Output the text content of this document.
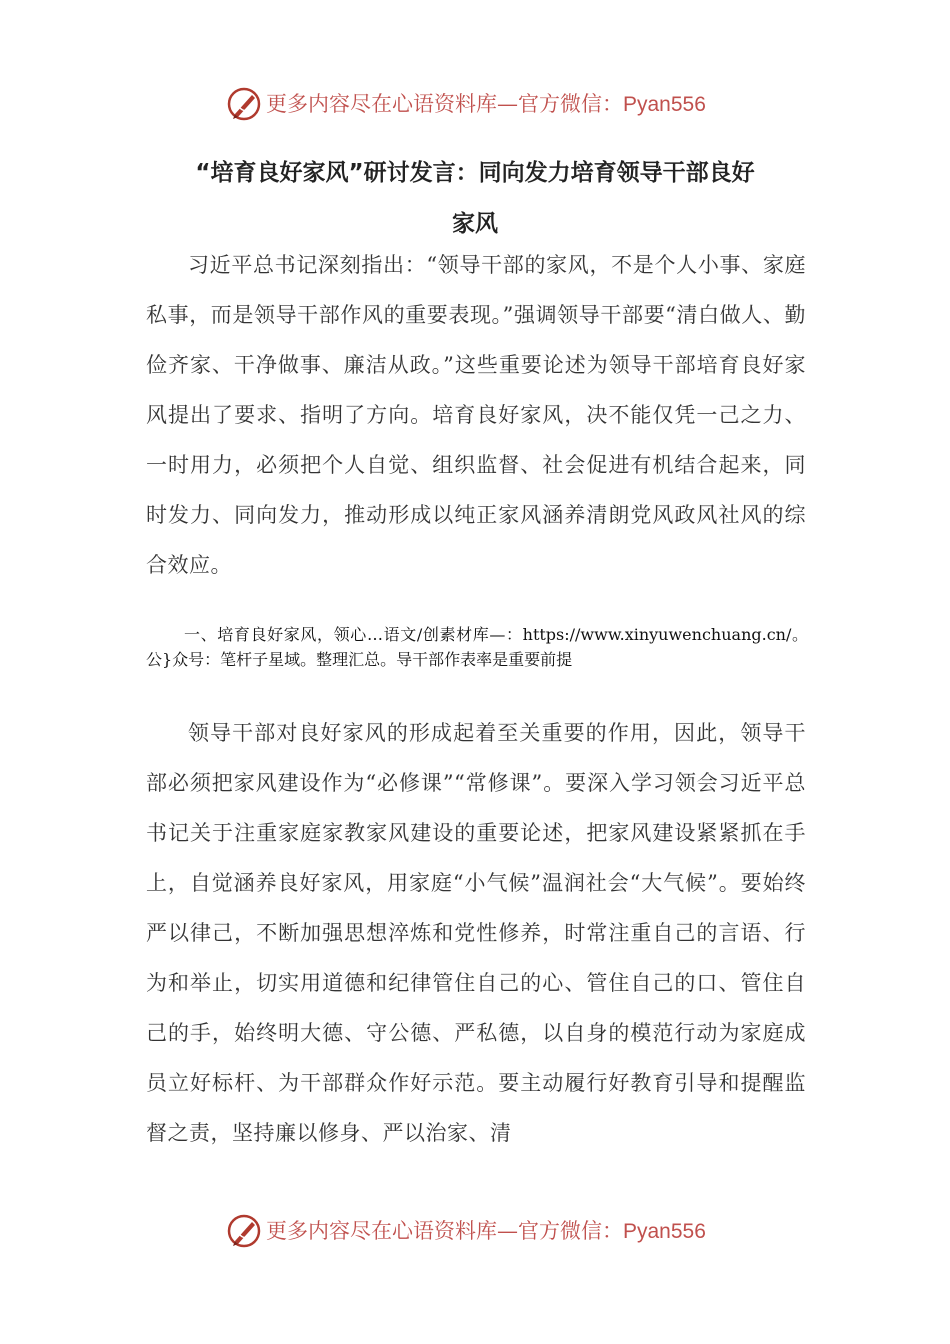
更多内容尽在心语资料库—官方微信：Pyan556
“培育良好家风”研讨发言：同向发力培育领导干部良好
家风

习近平总书记深刻指出：“领导干部的家风，不是个人小事、家庭私事，而是领导干部作风的重要表现。”强调领导干部要“清白做人、勤俭齐家、干净做事、廉洁从政。”这些重要论述为领导干部培育良好家风提出了要求、指明了方向。培育良好家风，决不能仅凭一己之力、一时用力，必须把个人自觉、组织监督、社会促进有机结合起来，同时发力、同向发力，推动形成以纯正家风涵养清朗党风政风社风的综合效应。

一、培育良好家风，领心…语文/创素材库—：https://www.xinyuwenchuang.cn/。公}众号：笔杆子星域。整理汇总。导干部作表率是重要前提

领导干部对良好家风的形成起着至关重要的作用，因此，领导干部必须把家风建设作为“必修课”“常修课”。要深入学习领会习近平总书记关于注重家庭家教家风建设的重要论述，把家风建设紧紧抓在手上，自觉涵养良好家风，用家庭“小气候”温润社会“大气候”。要始终严以律己，不断加强思想淬炼和党性修养，时常注重自己的言语、行为和举止，切实用道德和纪律管住自己的心、管住自己的口、管住自己的手，始终明大德、守公德、严私德，以自身的模范行动为家庭成员立好标杆、为干部群众作好示范。要主动履行好教育引导和提醒监督之责，坚持廉以修身、严以治家、清

更多内容尽在心语资料库—官方微信：Pyan556
